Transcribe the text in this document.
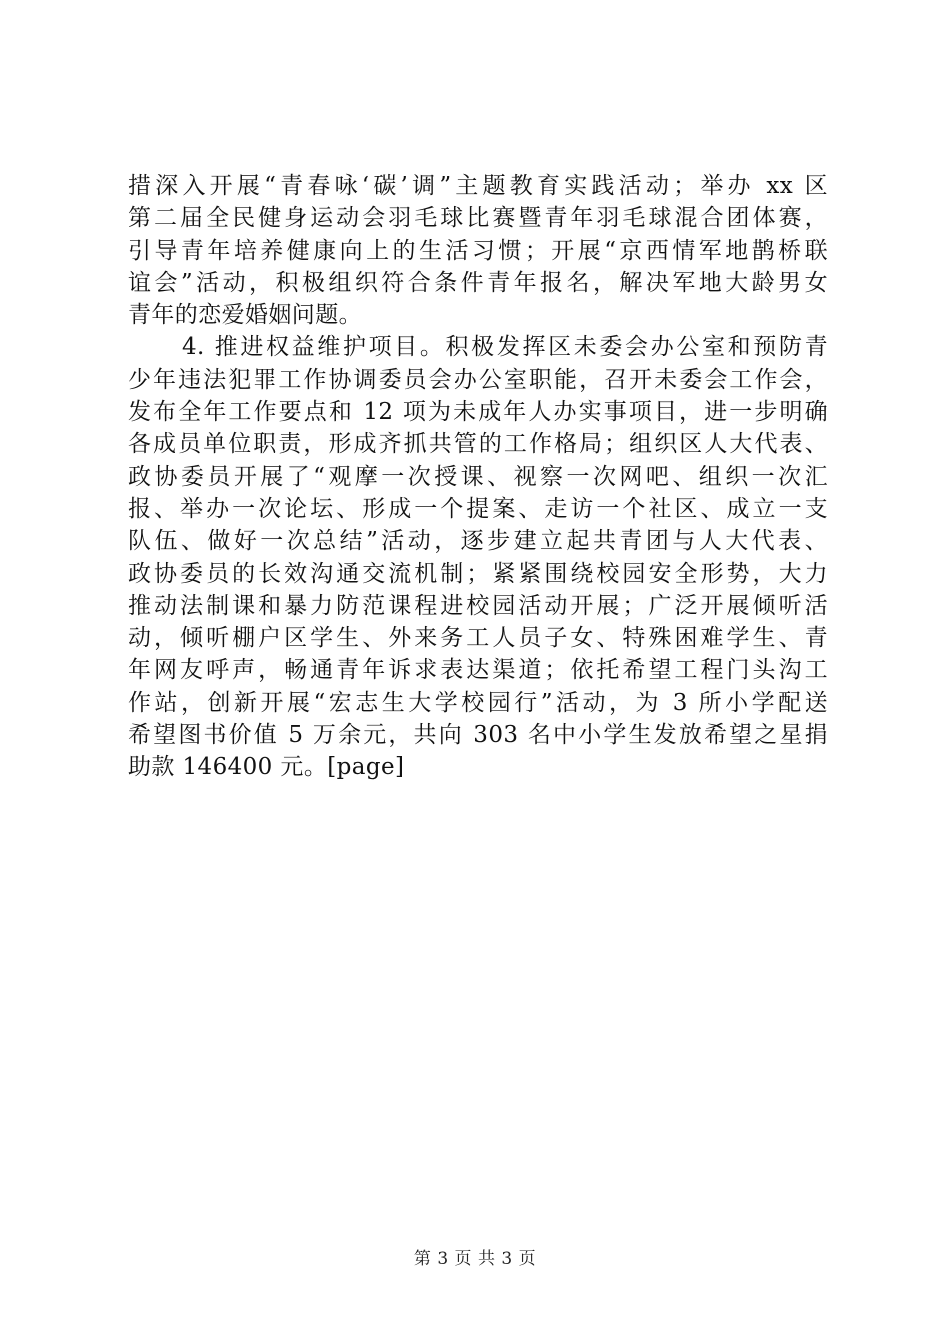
措深入开展“青春咏‘碳’调”主题教育实践活动；举办 xx 区
第二届全民健身运动会羽毛球比赛暨青年羽毛球混合团体赛，
引导青年培养健康向上的生活习惯；开展“京西情军地鹊桥联
谊会”活动，积极组织符合条件青年报名，解决军地大龄男女
青年的恋爱婚姻问题。
4. 推进权益维护项目。积极发挥区未委会办公室和预防青
少年违法犯罪工作协调委员会办公室职能，召开未委会工作会，
发布全年工作要点和 12 项为未成年人办实事项目，进一步明确
各成员单位职责，形成齐抓共管的工作格局；组织区人大代表、
政协委员开展了“观摩一次授课、视察一次网吧、组织一次汇
报、举办一次论坛、形成一个提案、走访一个社区、成立一支
队伍、做好一次总结”活动，逐步建立起共青团与人大代表、
政协委员的长效沟通交流机制；紧紧围绕校园安全形势，大力
推动法制课和暴力防范课程进校园活动开展；广泛开展倾听活
动，倾听棚户区学生、外来务工人员子女、特殊困难学生、青
年网友呼声，畅通青年诉求表达渠道；依托希望工程门头沟工
作站，创新开展“宏志生大学校园行”活动，为 3 所小学配送
希望图书价值 5 万余元，共向 303 名中小学生发放希望之星捐
助款 146400 元。[page]
第 3 页 共 3 页
